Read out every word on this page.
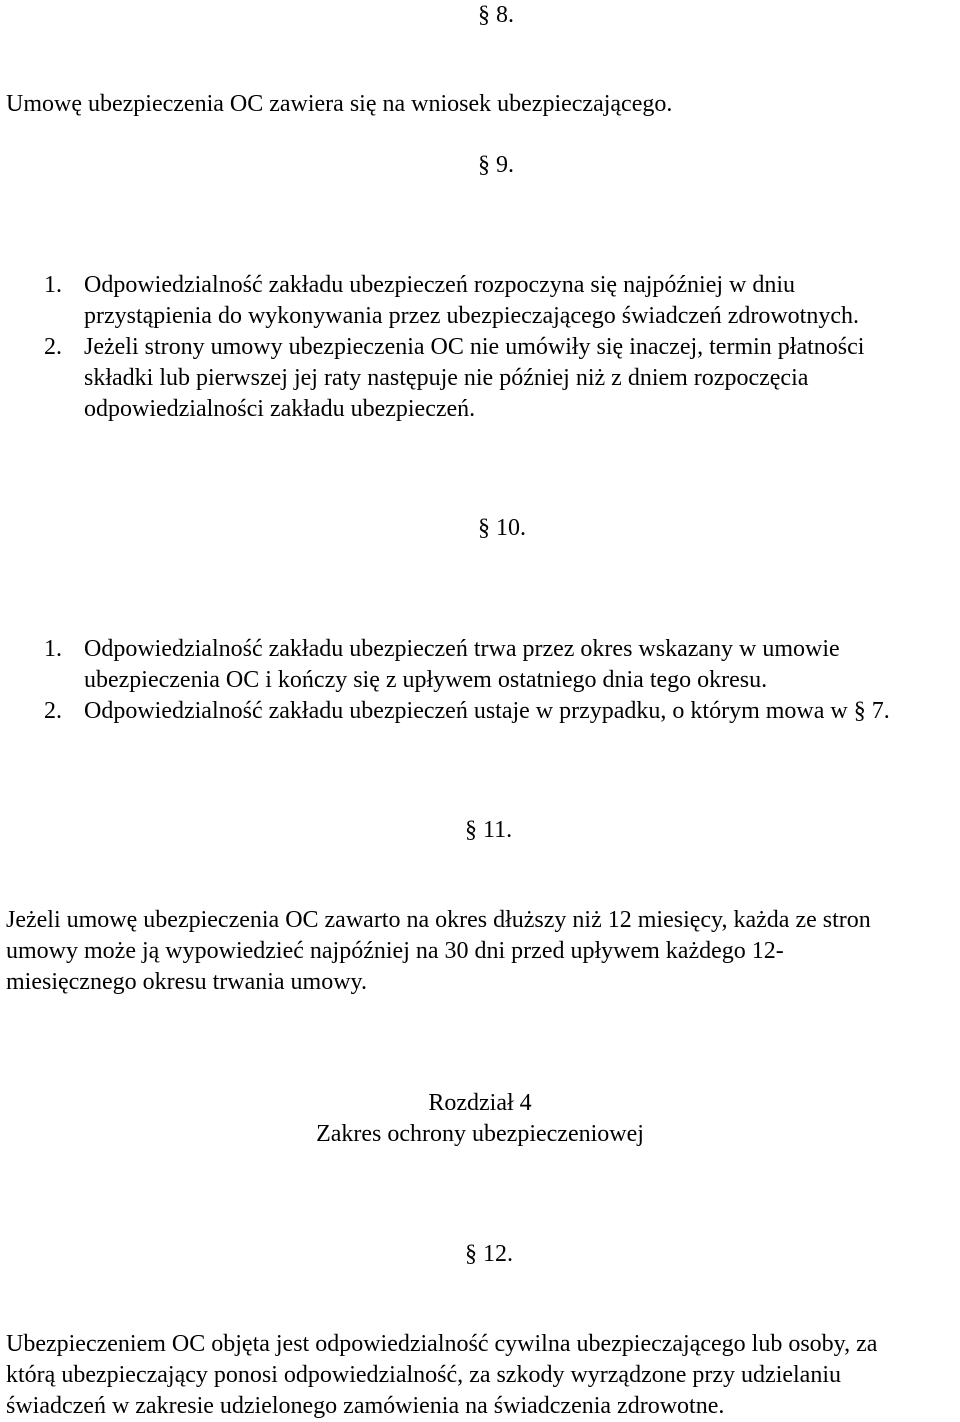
§ 8.
Umowę ubezpieczenia OC zawiera się na wniosek ubezpieczającego.
§ 9.
1. Odpowiedzialność zakładu ubezpieczeń rozpoczyna się najpóźniej w dniu
przystąpienia do wykonywania przez ubezpieczającego świadczeń zdrowotnych.
2. Jeżeli strony umowy ubezpieczenia OC nie umówiły się inaczej, termin płatności
składki lub pierwszej jej raty następuje nie później niż z dniem rozpoczęcia
odpowiedzialności zakładu ubezpieczeń.
§ 10.
1. Odpowiedzialność zakładu ubezpieczeń trwa przez okres wskazany w umowie
ubezpieczenia OC i kończy się z upływem ostatniego dnia tego okresu.
2. Odpowiedzialność zakładu ubezpieczeń ustaje w przypadku, o którym mowa w § 7.
§ 11.
Jeżeli umowę ubezpieczenia OC zawarto na okres dłuższy niż 12 miesięcy, każda ze stron
umowy może ją wypowiedzieć najpóźniej na 30 dni przed upływem każdego 12-
miesięcznego okresu trwania umowy.
Rozdział 4
Zakres ochrony ubezpieczeniowej
§ 12.
Ubezpieczeniem OC objęta jest odpowiedzialność cywilna ubezpieczającego lub osoby, za
którą ubezpieczający ponosi odpowiedzialność, za szkody wyrządzone przy udzielaniu
świadczeń w zakresie udzielonego zamówienia na świadczenia zdrowotne.
